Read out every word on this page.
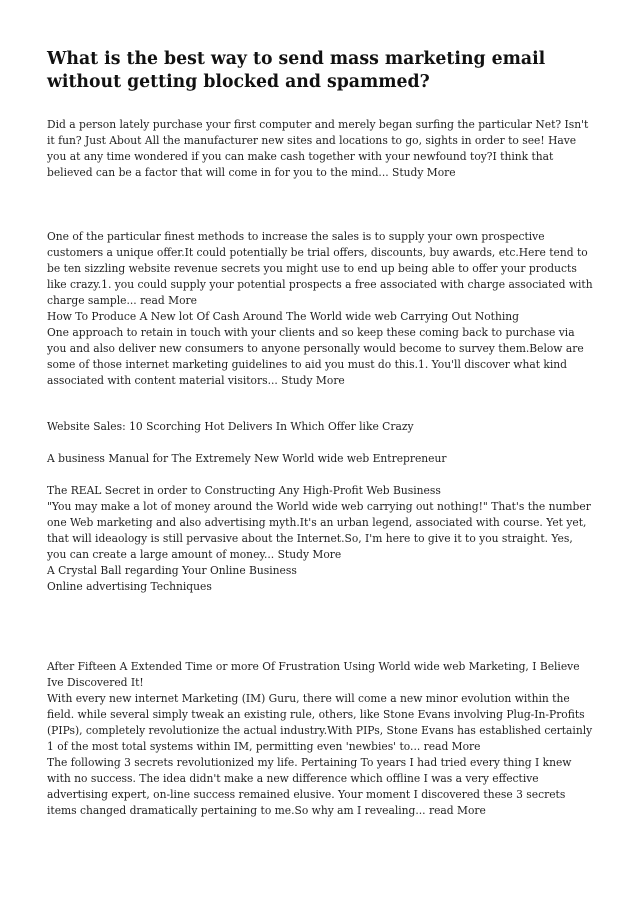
What is the best way to send mass marketing email without getting blocked and spammed?

Did a person lately purchase your first computer and merely began surfing the particular Net? Isn't it fun? Just About All the manufacturer new sites and locations to go, sights in order to see! Have you at any time wondered if you can make cash together with your newfound toy?I think that believed can be a factor that will come in for you to the mind... Study More

One of the particular finest methods to increase the sales is to supply your own prospective customers a unique offer.It could potentially be trial offers, discounts, buy awards, etc.Here tend to be ten sizzling website revenue secrets you might use to end up being able to offer your products like crazy.1. you could supply your potential prospects a free associated with charge associated with charge sample... read More

How To Produce A New lot Of Cash Around The World wide web Carrying Out Nothing

One approach to retain in touch with your clients and so keep these coming back to purchase via you and also deliver new consumers to anyone personally would become to survey them.Below are some of those internet marketing guidelines to aid you must do this.1. You'll discover what kind associated with content material visitors... Study More

Website Sales: 10 Scorching Hot Delivers In Which Offer like Crazy

A business Manual for The Extremely New World wide web Entrepreneur

The REAL Secret in order to Constructing Any High-Profit Web Business

"You may make a lot of money around the World wide web carrying out nothing!" That's the number one Web marketing and also advertising myth.It's an urban legend, associated with course. Yet yet, that will ideaology is still pervasive about the Internet.So, I'm here to give it to you straight. Yes, you can create a large amount of money... Study More

A Crystal Ball regarding Your Online Business

Online advertising Techniques

After Fifteen A Extended Time or more Of Frustration Using World wide web Marketing, I Believe Ive Discovered It!

With every new internet Marketing (IM) Guru, there will come a new minor evolution within the field. while several simply tweak an existing rule, others, like Stone Evans involving Plug-In-Profits (PIPs), completely revolutionize the actual industry.With PIPs, Stone Evans has established certainly 1 of the most total systems within IM, permitting even 'newbies' to... read More

The following 3 secrets revolutionized my life. Pertaining To years I had tried every thing I knew with no success. The idea didn't make a new difference which offline I was a very effective advertising expert, on-line success remained elusive. Your moment I discovered these 3 secrets items changed dramatically pertaining to me.So why am I revealing... read More
